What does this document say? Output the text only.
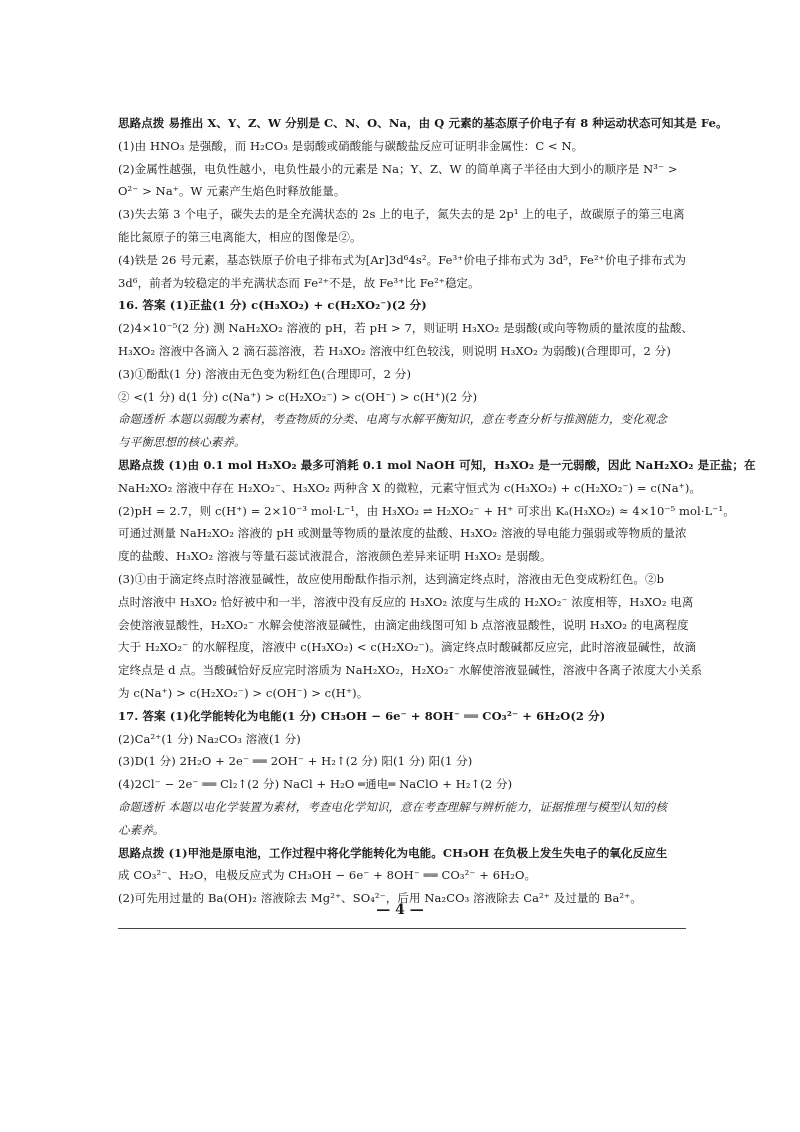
思路点拨 易推出 X、Y、Z、W 分别是 C、N、O、Na，由 Q 元素的基态原子价电子有 8 种运动状态可知其是 Fe。
(1)由 HNO₃ 是强酸，而 H₂CO₃ 是弱酸或硝酸能与碳酸盐反应可证明非金属性：C < N。
(2)金属性越强，电负性越小，电负性最小的元素是 Na；Y、Z、W 的简单离子半径由大到小的顺序是 N³⁻ >
O²⁻ > Na⁺。W 元素产生焰色时释放能量。
(3)失去第 3 个电子，碳失去的是全充满状态的 2s 上的电子，氮失去的是 2p¹ 上的电子，故碳原子的第三电离
能比氮原子的第三电离能大，相应的图像是②。
(4)铁是 26 号元素，基态铁原子价电子排布式为[Ar]3d⁶4s²。Fe³⁺价电子排布式为 3d⁵，Fe²⁺价电子排布式为
3d⁶，前者为较稳定的半充满状态而 Fe²⁺不是，故 Fe³⁺比 Fe²⁺稳定。
16. 答案 (1)正盐(1 分) c(H₃XO₂) + c(H₂XO₂⁻)(2 分)
(2)4×10⁻⁵(2 分) 测 NaH₂XO₂ 溶液的 pH，若 pH > 7，则证明 H₃XO₂ 是弱酸(或向等物质的量浓度的盐酸、
H₃XO₂ 溶液中各滴入 2 滴石蕊溶液，若 H₃XO₂ 溶液中红色较浅，则说明 H₃XO₂ 为弱酸)(合理即可，2 分)
(3)①酚酞(1 分) 溶液由无色变为粉红色(合理即可，2 分)
② <(1 分) d(1 分) c(Na⁺) > c(H₂XO₂⁻) > c(OH⁻) > c(H⁺)(2 分)
命题透析 本题以弱酸为素材，考查物质的分类、电离与水解平衡知识，意在考查分析与推测能力，变化观念
与平衡思想的核心素养。
思路点拨 (1)由 0.1 mol H₃XO₂ 最多可消耗 0.1 mol NaOH 可知，H₃XO₂ 是一元弱酸，因此 NaH₂XO₂ 是正盐；在
NaH₂XO₂ 溶液中存在 H₂XO₂⁻、H₃XO₂ 两种含 X 的微粒，元素守恒式为 c(H₃XO₂) + c(H₂XO₂⁻) = c(Na⁺)。
(2)pH = 2.7，则 c(H⁺) = 2×10⁻³ mol·L⁻¹，由 H₃XO₂ ⇌ H₂XO₂⁻ + H⁺ 可求出 Kₐ(H₃XO₂) ≈ 4×10⁻⁵ mol·L⁻¹。
可通过测量 NaH₂XO₂ 溶液的 pH 或测量等物质的量浓度的盐酸、H₃XO₂ 溶液的导电能力强弱或等物质的量浓
度的盐酸、H₃XO₂ 溶液与等量石蕊试液混合，溶液颜色差异来证明 H₃XO₂ 是弱酸。
(3)①由于滴定终点时溶液显碱性，故应使用酚酞作指示剂，达到滴定终点时，溶液由无色变成粉红色。②b
点时溶液中 H₃XO₂ 恰好被中和一半，溶液中没有反应的 H₃XO₂ 浓度与生成的 H₂XO₂⁻ 浓度相等，H₃XO₂ 电离
会使溶液显酸性，H₂XO₂⁻ 水解会使溶液显碱性，由滴定曲线图可知 b 点溶液显酸性，说明 H₃XO₂ 的电离程度
大于 H₂XO₂⁻ 的水解程度，溶液中 c(H₃XO₂) < c(H₂XO₂⁻)。滴定终点时酸碱都反应完，此时溶液显碱性，故滴
定终点是 d 点。当酸碱恰好反应完时溶质为 NaH₂XO₂，H₂XO₂⁻ 水解使溶液显碱性，溶液中各离子浓度大小关系
为 c(Na⁺) > c(H₂XO₂⁻) > c(OH⁻) > c(H⁺)。
17. 答案 (1)化学能转化为电能(1 分) CH₃OH − 6e⁻ + 8OH⁻ ══ CO₃²⁻ + 6H₂O(2 分)
(2)Ca²⁺(1 分) Na₂CO₃ 溶液(1 分)
(3)D(1 分) 2H₂O + 2e⁻ ══ 2OH⁻ + H₂↑(2 分) 阳(1 分) 阳(1 分)
(4)2Cl⁻ − 2e⁻ ══ Cl₂↑(2 分) NaCl + H₂O ═通电═ NaClO + H₂↑(2 分)
命题透析 本题以电化学装置为素材，考查电化学知识，意在考查理解与辨析能力，证据推理与模型认知的核
心素养。
思路点拨 (1)甲池是原电池，工作过程中将化学能转化为电能。CH₃OH 在负极上发生失电子的氧化反应生
成 CO₃²⁻、H₂O，电极反应式为 CH₃OH − 6e⁻ + 8OH⁻ ══ CO₃²⁻ + 6H₂O。
(2)可先用过量的 Ba(OH)₂ 溶液除去 Mg²⁺、SO₄²⁻，后用 Na₂CO₃ 溶液除去 Ca²⁺ 及过量的 Ba²⁺。
— 4 —
